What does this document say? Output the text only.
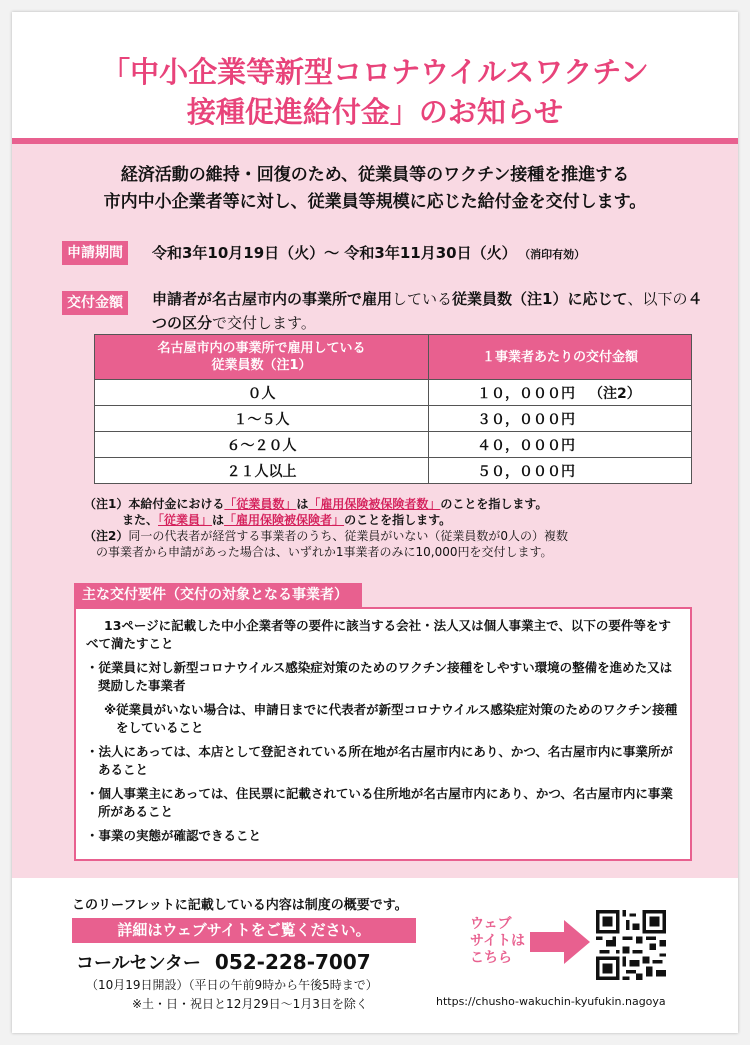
「中小企業等新型コロナウイルスワクチン
接種促進給付金」のお知らせ
経済活動の維持・回復のため、従業員等のワクチン接種を推進する
市内中小企業者等に対し、従業員等規模に応じた給付金を交付します。
申請期間	令和3年10月19日（火）～ 令和3年11月30日（火） （消印有効）
交付金額	申請者が名古屋市内の事業所で雇用している従業員数（注1）に応じて、以下の４つの区分で交付します。
名古屋市内の事業所で雇用している
従業員数（注1）	１事業者あたりの交付金額
０人	１０，０００円 （注2）
１～５人	３０，０００円
６～２０人	４０，０００円
２１人以上	５０，０００円
（注1）本給付金における「従業員数」は「雇用保険被保険者数」のことを指します。
また、「従業員」は「雇用保険被保険者」のことを指します。
（注2）同一の代表者が経営する事業者のうち、従業員がいない（従業員数が0人の）複数
の事業者から申請があった場合は、いずれか1事業者のみに10,000円を交付します。
主な交付要件（交付の対象となる事業者）

13ページに記載した中小企業者等の要件に該当する会社・法人又は個人事業主で、以下の要件等をすべて満たすこと

・従業員に対し新型コロナウイルス感染症対策のためのワクチン接種をしやすい環境の整備を進めた又は奨励した事業者

※従業員がいない場合は、申請日までに代表者が新型コロナウイルス感染症対策のためのワクチン接種をしていること

・法人にあっては、本店として登記されている所在地が名古屋市内にあり、かつ、名古屋市内に事業所があること

・個人事業主にあっては、住民票に記載されている住所地が名古屋市内にあり、かつ、名古屋市内に事業所があること

・事業の実態が確認できること

このリーフレットに記載している内容は制度の概要です。
詳細はウェブサイトをご覧ください。
コールセンター 052-228-7007
（10月19日開設）（平日の午前9時から午後5時まで）
※土・日・祝日と12月29日～1月3日を除く	https://chusho-wakuchin-kyufukin.nagoya
ウェブ
サイトは
こちら
